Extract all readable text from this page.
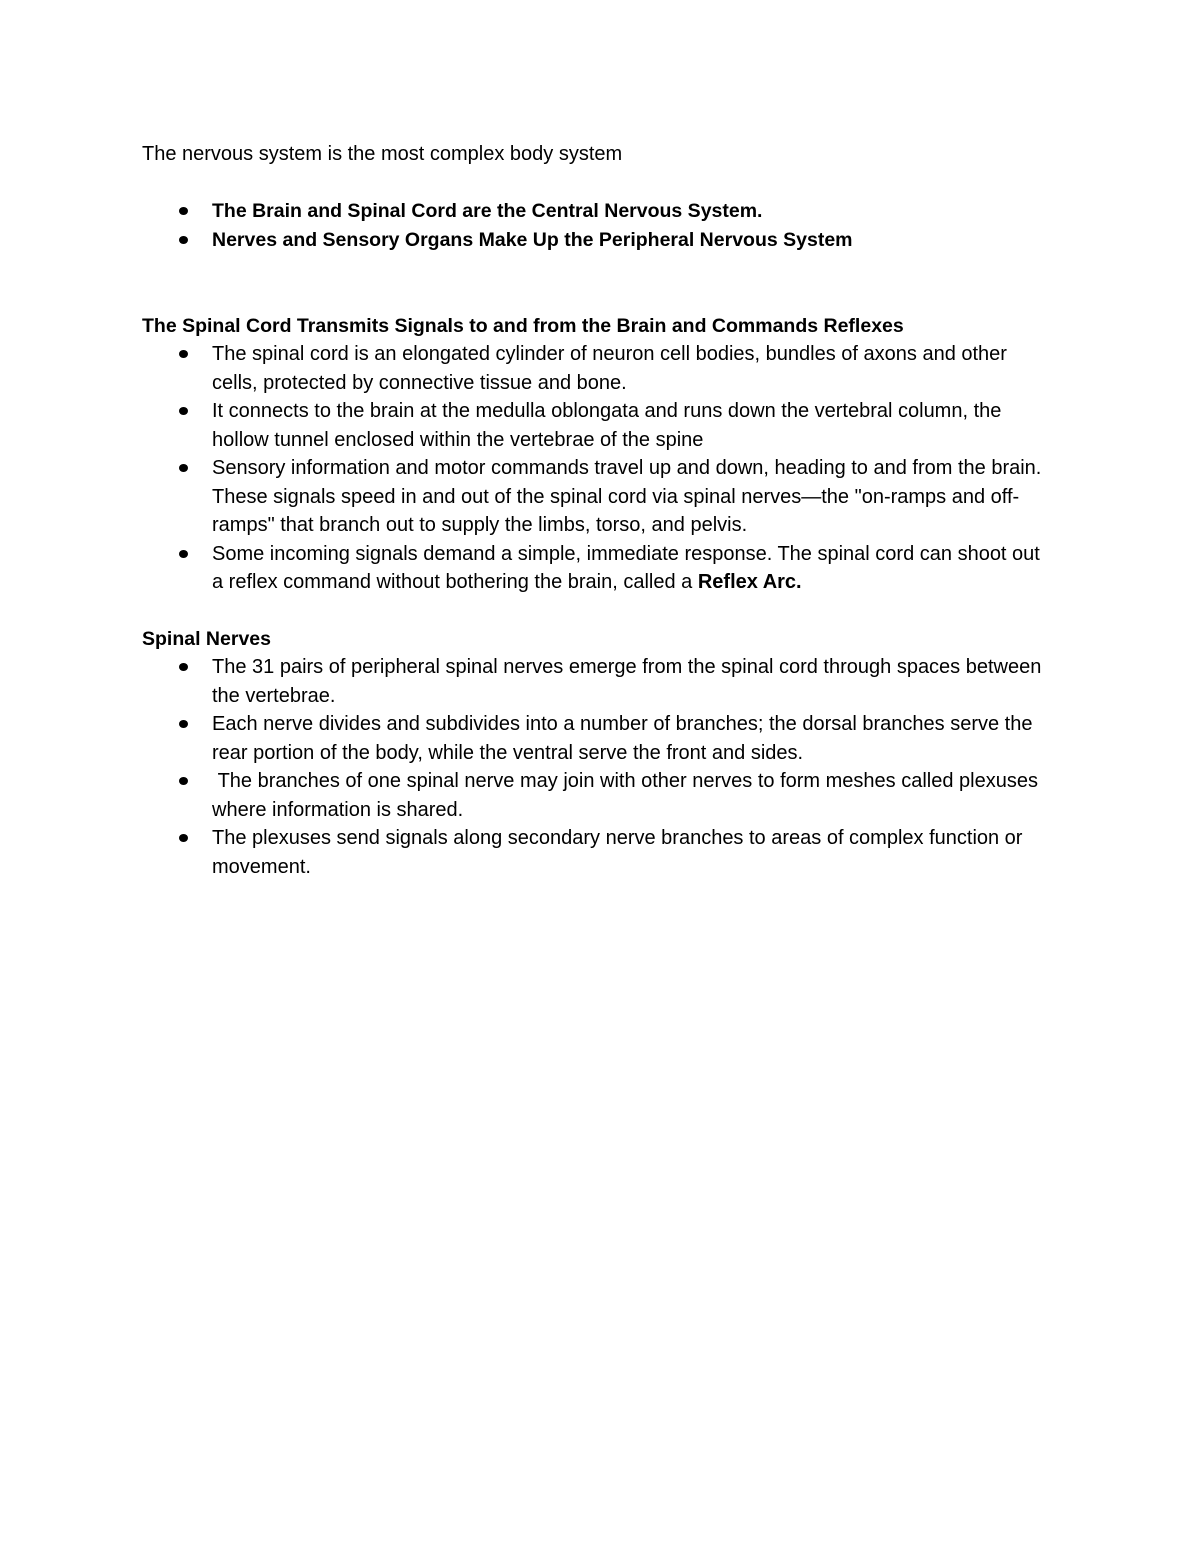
The nervous system is the most complex body system

The Brain and Spinal Cord are the Central Nervous System.
Nerves and Sensory Organs Make Up the Peripheral Nervous System
The Spinal Cord Transmits Signals to and from the Brain and Commands Reflexes
The spinal cord is an elongated cylinder of neuron cell bodies, bundles of axons and other cells, protected by connective tissue and bone.
It connects to the brain at the medulla oblongata and runs down the vertebral column, the hollow tunnel enclosed within the vertebrae of the spine
Sensory information and motor commands travel up and down, heading to and from the brain. These signals speed in and out of the spinal cord via spinal nerves—the "on-ramps and off-ramps" that branch out to supply the limbs, torso, and pelvis.
Some incoming signals demand a simple, immediate response. The spinal cord can shoot out a reflex command without bothering the brain, called a Reflex Arc.
Spinal Nerves
The 31 pairs of peripheral spinal nerves emerge from the spinal cord through spaces between the vertebrae.
Each nerve divides and subdivides into a number of branches; the dorsal branches serve the rear portion of the body, while the ventral serve the front and sides.
The branches of one spinal nerve may join with other nerves to form meshes called plexuses where information is shared.
The plexuses send signals along secondary nerve branches to areas of complex function or movement.
